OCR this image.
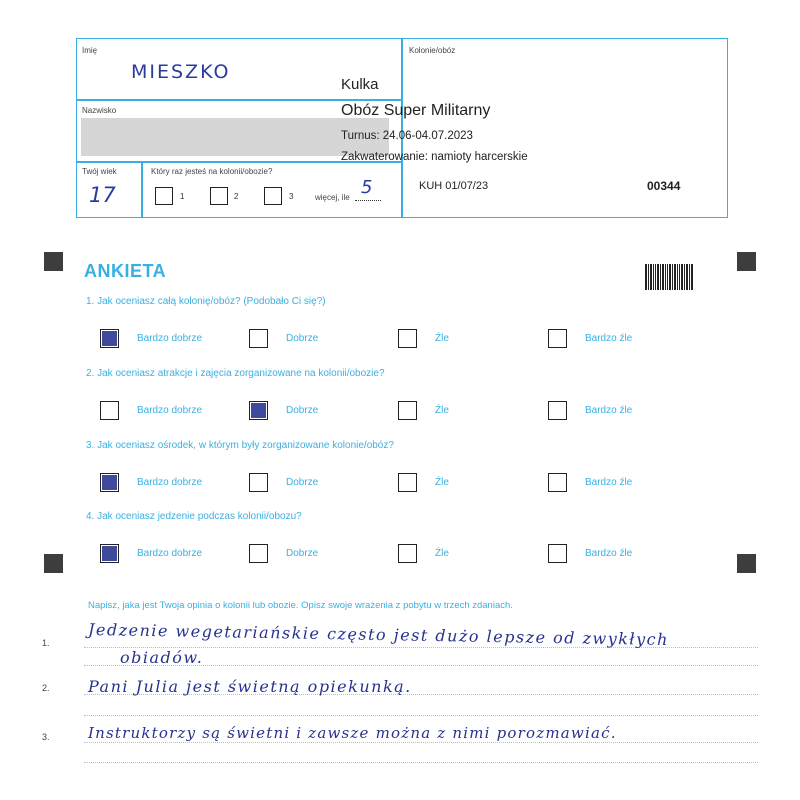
Imię
MIESZKO
Nazwisko
Twój wiek
17
Który raz jesteś na kolonii/obozie?
1	2	3	więcej, ile 5
Kolonie/obóz
Kulka
Obóz Super Militarny
Turnus: 24.06-04.07.2023
Zakwaterowanie: namioty harcerskie
KUH 01/07/23	00344
ANKIETA
1. Jak oceniasz całą kolonię/obóz? (Podobało Ci się?)
Bardzo dobrze	Dobrze	Źle	Bardzo źle
2. Jak oceniasz atrakcje i zajęcia zorganizowane na kolonii/obozie?
Bardzo dobrze	Dobrze	Źle	Bardzo źle
3. Jak oceniasz ośrodek, w którym były zorganizowane kolonie/obóz?
Bardzo dobrze	Dobrze	Źle	Bardzo źle
4. Jak oceniasz jedzenie podczas kolonii/obozu?
Bardzo dobrze	Dobrze	Źle	Bardzo źle
Napisz, jaka jest Twoja opinia o kolonii lub obozie. Opisz swoje wrażenia z pobytu w trzech zdaniach.
1.
2.
3.
Jedzenie wegetariańskie często jest dużo lepsze od zwykłych
obiadów.
Pani Julia jest świetną opiekunką.
Instruktorzy są świetni i zawsze można z nimi porozmawiać.
